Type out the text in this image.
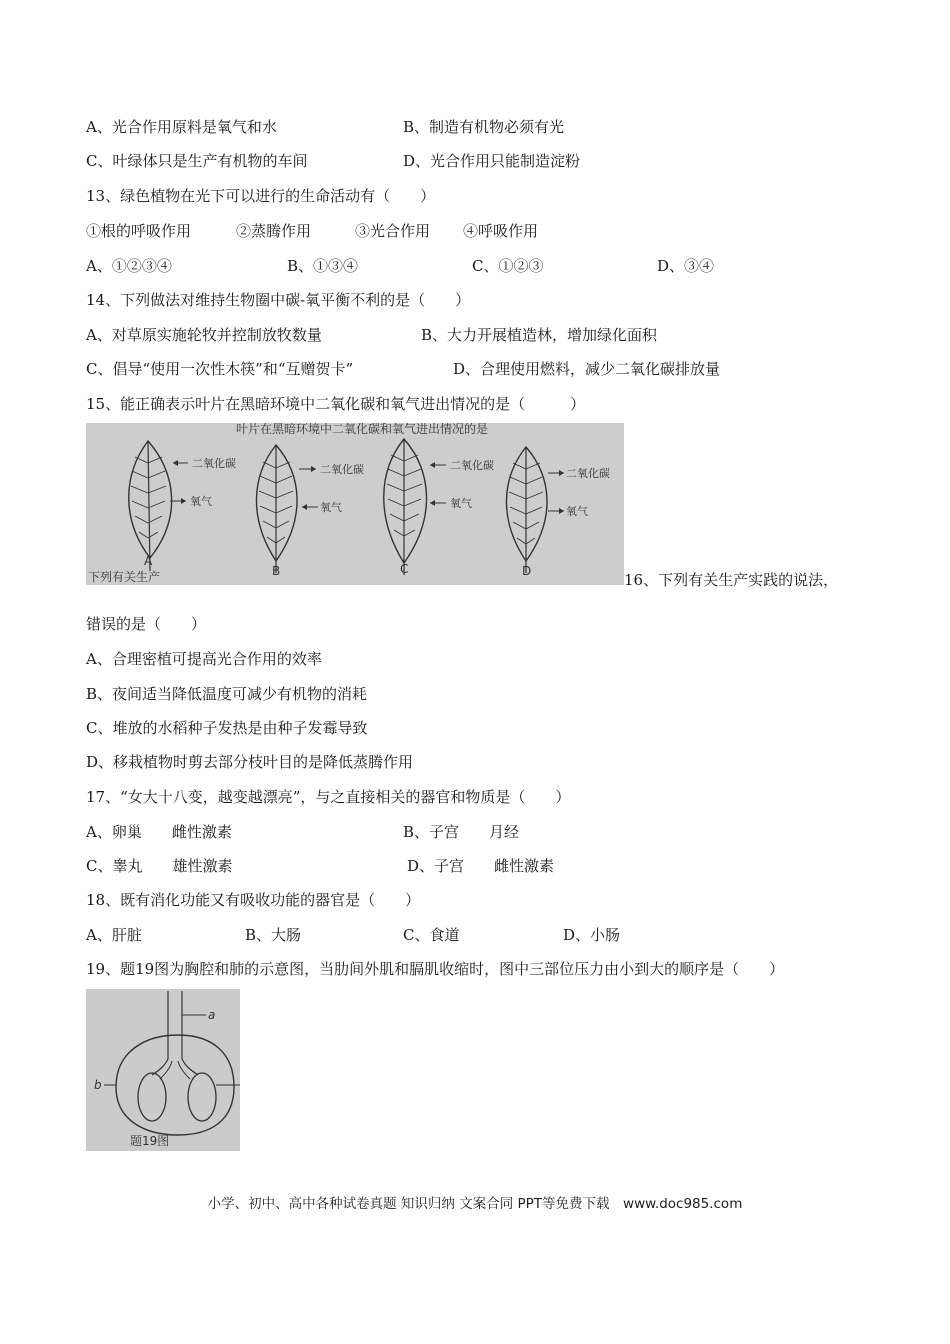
A、光合作用原料是氧气和水	B、制造有机物必须有光
C、叶绿体只是生产有机物的车间	D、光合作用只能制造淀粉
13、绿色植物在光下可以进行的生命活动有（　　）
①根的呼吸作用	②蒸腾作用	③光合作用 ④呼吸作用
A、①②③④	B、①③④	C、①②③	D、③④
14、下列做法对维持生物圈中碳-氧平衡不利的是（　　）
A、对草原实施轮牧并控制放牧数量	B、大力开展植造林，增加绿化面积
C、倡导“使用一次性木筷”和“互赠贺卡”	D、合理使用燃料，减少二氧化碳排放量
15、能正确表示叶片在黑暗环境中二氧化碳和氧气进出情况的是（　　　）
叶片在黑暗环境中二氧化碳和氧气进出情况的是
下列有关生产
二氧化碳
氧气
A
二氧化碳
氧气
B
二氧化碳
氧气
C
二氧化碳
氧气
D	16、下列有关生产实践的说法，
错误的是（　　）
A、合理密植可提高光合作用的效率
B、夜间适当降低温度可减少有机物的消耗
C、堆放的水稻种子发热是由种子发霉导致
D、移栽植物时剪去部分枝叶目的是降低蒸腾作用
17、“女大十八变，越变越漂亮”，与之直接相关的器官和物质是（　　）
A、卵巢　　雌性激素	B、子宫　　月经
C、睾丸　　雄性激素	D、子宫　　雌性激素
18、既有消化功能又有吸收功能的器官是（　　）
A、肝脏	B、大肠	C、食道	D、小肠
19、题19图为胸腔和肺的示意图，当肋间外肌和膈肌收缩时，图中三部位压力由小到大的顺序是（　　）
a
b
题19图
小学、初中、高中各种试卷真题 知识归纳 文案合同 PPT等免费下载　www.doc985.com
